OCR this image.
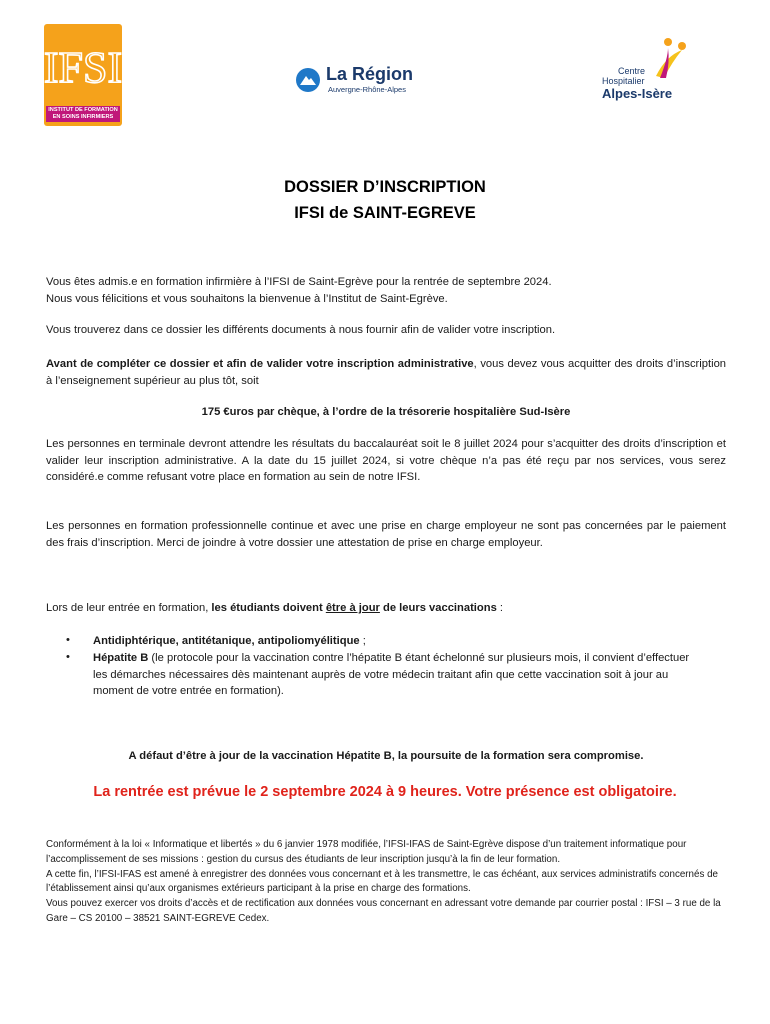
IFSI
INSTITUT DE FORMATION
EN SOINS INFIRMIERS
La Région
Auvergne-Rhône-Alpes
Centre
Hospitalier
Alpes-Isère
DOSSIER D’INSCRIPTION
IFSI de SAINT-EGREVE
Vous êtes admis.e en formation infirmière à l’IFSI de Saint-Egrève pour la rentrée de septembre 2024.
Nous vous félicitions et vous souhaitons la bienvenue à l’Institut de Saint-Egrève.
Vous trouverez dans ce dossier les différents documents à nous fournir afin de valider votre inscription.
Avant de compléter ce dossier et afin de valider votre inscription administrative, vous devez vous acquitter des droits d’inscription à l’enseignement supérieur au plus tôt, soit
175 €uros par chèque, à l’ordre de la trésorerie hospitalière Sud-Isère
Les personnes en terminale devront attendre les résultats du baccalauréat soit le 8 juillet 2024 pour s’acquitter des droits d’inscription et valider leur inscription administrative. A la date du 15 juillet 2024, si votre chèque n’a pas été reçu par nos services, vous serez considéré.e comme refusant votre place en formation au sein de notre IFSI.
Les personnes en formation professionnelle continue et avec une prise en charge employeur ne sont pas concernées par le paiement des frais d’inscription. Merci de joindre à votre dossier une attestation de prise en charge employeur.
Lors de leur entrée en formation, les étudiants doivent être à jour de leurs vaccinations :
• Antidiphtérique, antitétanique, antipoliomyélitique ;
• Hépatite B (le protocole pour la vaccination contre l’hépatite B étant échelonné sur plusieurs mois, il convient d’effectuer les démarches nécessaires dès maintenant auprès de votre médecin traitant afin que cette vaccination soit à jour au moment de votre entrée en formation).
A défaut d’être à jour de la vaccination Hépatite B, la poursuite de la formation sera compromise.
La rentrée est prévue le 2 septembre 2024 à 9 heures. Votre présence est obligatoire.
Conformément à la loi « Informatique et libertés » du 6 janvier 1978 modifiée, l’IFSI-IFAS de Saint-Egrève dispose d’un traitement informatique pour l’accomplissement de ses missions : gestion du cursus des étudiants de leur inscription jusqu’à la fin de leur formation.
A cette fin, l’IFSI-IFAS est amené à enregistrer des données vous concernant et à les transmettre, le cas échéant, aux services administratifs concernés de l’établissement ainsi qu’aux organismes extérieurs participant à la prise en charge des formations.
Vous pouvez exercer vos droits d’accès et de rectification aux données vous concernant en adressant votre demande par courrier postal : IFSI – 3 rue de la Gare – CS 20100 – 38521 SAINT-EGREVE Cedex.
